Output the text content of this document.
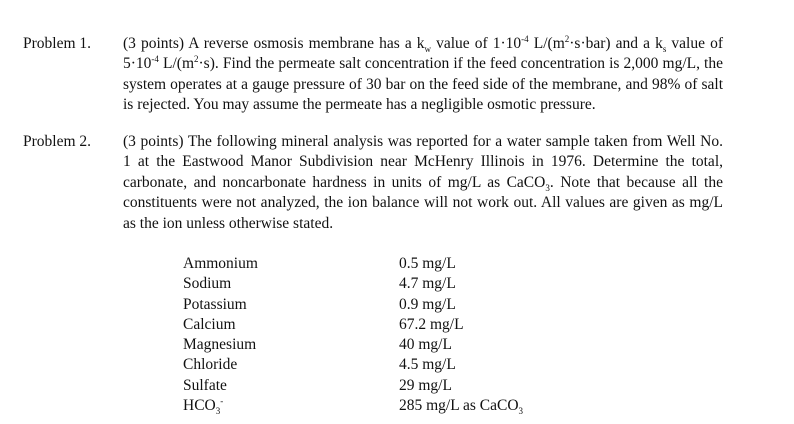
Problem 1. (3 points) A reverse osmosis membrane has a $k_w$ value of $1\cdot 10^{-4}$ $L/(m^2\cdot s\cdot bar)$ and a $k_s$ value of $5\cdot 10^{-4}$ $L/(m^2\cdot s)$. Find the permeate salt concentration if the feed concentration is 2,000 mg/L, the system operates at a gauge pressure of 30 bar on the feed side of the membrane, and 98% of salt is rejected. You may assume the permeate has a negligible osmotic pressure.
Problem 2. (3 points) The following mineral analysis was reported for a water sample taken from Well No. 1 at the Eastwood Manor Subdivision near McHenry Illinois in 1976. Determine the total, carbonate, and noncarbonate hardness in units of mg/L as CaCO$_3$. Note that because all the constituents were not analyzed, the ion balance will not work out. All values are given as mg/L as the ion unless otherwise stated.
Ammonium	0.5 mg/L
Sodium	4.7 mg/L
Potassium	0.9 mg/L
Calcium	67.2 mg/L
Magnesium	40 mg/L
Chloride	4.5 mg/L
Sulfate	29 mg/L
$HCO_3^-$	285 mg/L as CaCO$_3$
